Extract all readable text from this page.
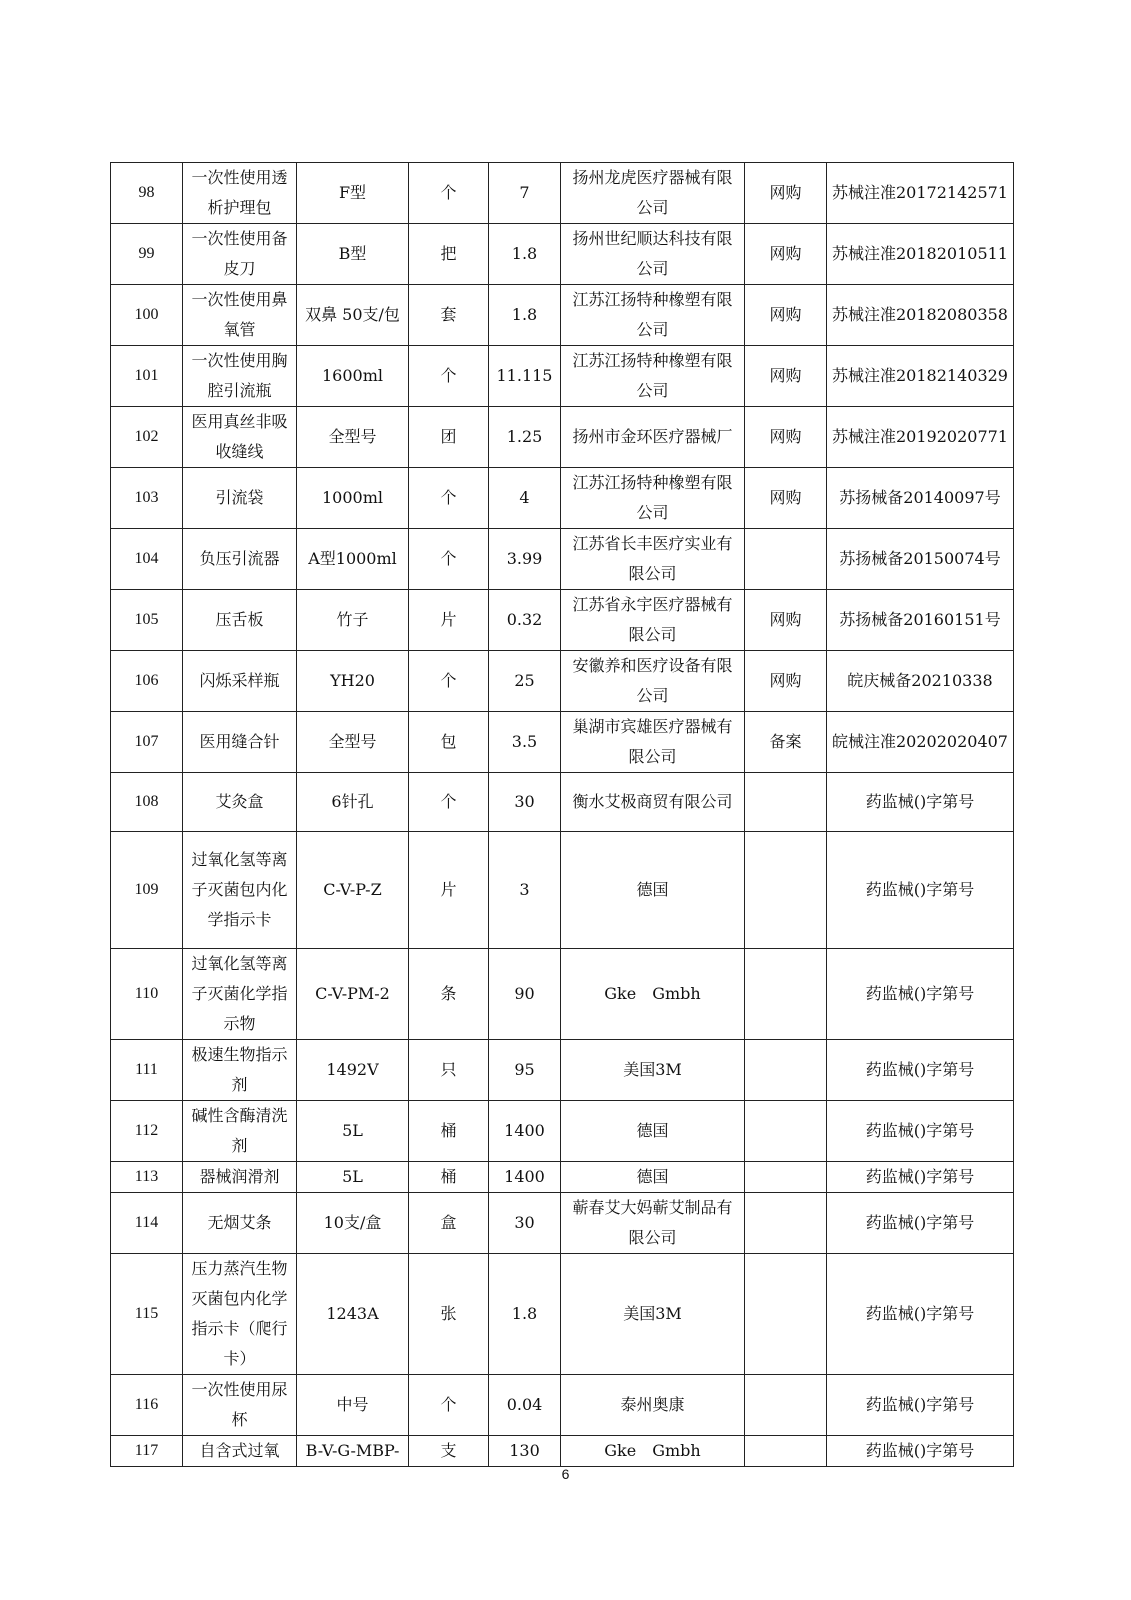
98	一次性使用透析护理包	F型	个	7	扬州龙虎医疗器械有限公司	网购	苏械注准20172142571
99	一次性使用备皮刀	B型	把	1.8	扬州世纪顺达科技有限公司	网购	苏械注准20182010511
100	一次性使用鼻氧管	双鼻 50支/包	套	1.8	江苏江扬特种橡塑有限公司	网购	苏械注准20182080358
101	一次性使用胸腔引流瓶	1600ml	个	11.115	江苏江扬特种橡塑有限公司	网购	苏械注准20182140329
102	医用真丝非吸收缝线	全型号	团	1.25	扬州市金环医疗器械厂	网购	苏械注准20192020771
103	引流袋	1000ml	个	4	江苏江扬特种橡塑有限公司	网购	苏扬械备20140097号
104	负压引流器	A型1000ml	个	3.99	江苏省长丰医疗实业有限公司		苏扬械备20150074号
105	压舌板	竹子	片	0.32	江苏省永宇医疗器械有限公司	网购	苏扬械备20160151号
106	闪烁采样瓶	YH20	个	25	安徽养和医疗设备有限公司	网购	皖庆械备20210338
107	医用缝合针	全型号	包	3.5	巢湖市宾雄医疗器械有限公司	备案	皖械注准20202020407
108	艾灸盒	6针孔	个	30	衡水艾极商贸有限公司		药监械()字第号
109	过氧化氢等离子灭菌包内化学指示卡	C-V-P-Z	片	3	德国		药监械()字第号
110	过氧化氢等离子灭菌化学指示物	C-V-PM-2	条	90	Gke　Gmbh		药监械()字第号
111	极速生物指示剂	1492V	只	95	美国3M		药监械()字第号
112	碱性含酶清洗剂	5L	桶	1400	德国		药监械()字第号
113	器械润滑剂	5L	桶	1400	德国		药监械()字第号
114	无烟艾条	10支/盒	盒	30	蕲春艾大妈蕲艾制品有限公司		药监械()字第号
115	压力蒸汽生物灭菌包内化学指示卡（爬行卡）	1243A	张	1.8	美国3M		药监械()字第号
116	一次性使用尿杯	中号	个	0.04	泰州奥康		药监械()字第号
117	自含式过氧	B-V-G-MBP-	支	130	Gke　Gmbh		药监械()字第号
6
